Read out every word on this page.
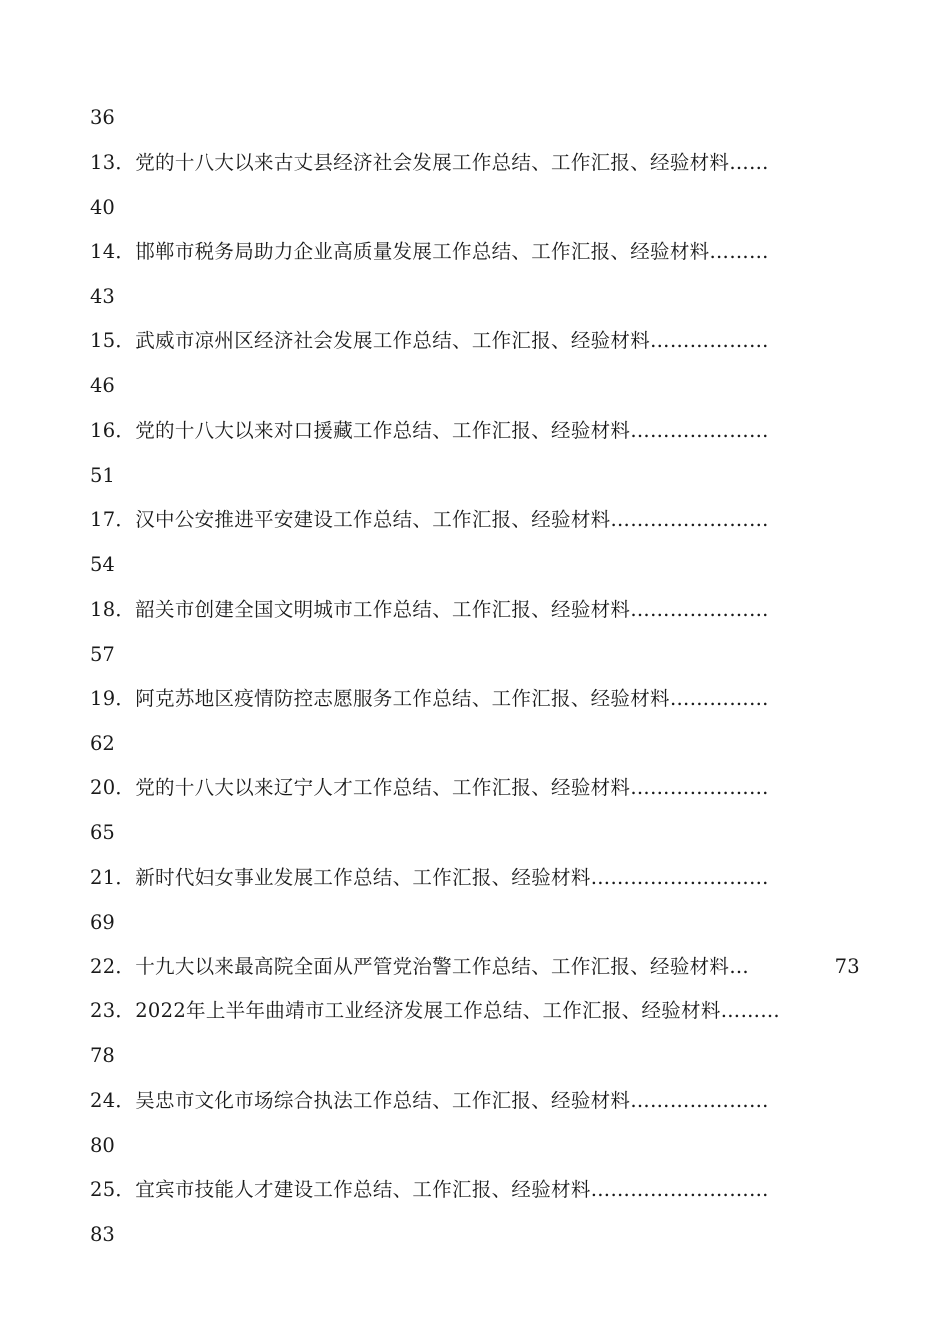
36
13．党的十八大以来古丈县经济社会发展工作总结、工作汇报、经验材料……
40
14．邯郸市税务局助力企业高质量发展工作总结、工作汇报、经验材料………
43
15．武威市凉州区经济社会发展工作总结、工作汇报、经验材料………………
46
16．党的十八大以来对口援藏工作总结、工作汇报、经验材料…………………
51
17．汉中公安推进平安建设工作总结、工作汇报、经验材料……………………
54
18．韶关市创建全国文明城市工作总结、工作汇报、经验材料…………………
57
19．阿克苏地区疫情防控志愿服务工作总结、工作汇报、经验材料……………
62
20．党的十八大以来辽宁人才工作总结、工作汇报、经验材料…………………
65
21．新时代妇女事业发展工作总结、工作汇报、经验材料………………………
69
22．十九大以来最高院全面从严管党治警工作总结、工作汇报、经验材料…	73
23．2022年上半年曲靖市工业经济发展工作总结、工作汇报、经验材料………
78
24．吴忠市文化市场综合执法工作总结、工作汇报、经验材料…………………
80
25．宜宾市技能人才建设工作总结、工作汇报、经验材料………………………
83
